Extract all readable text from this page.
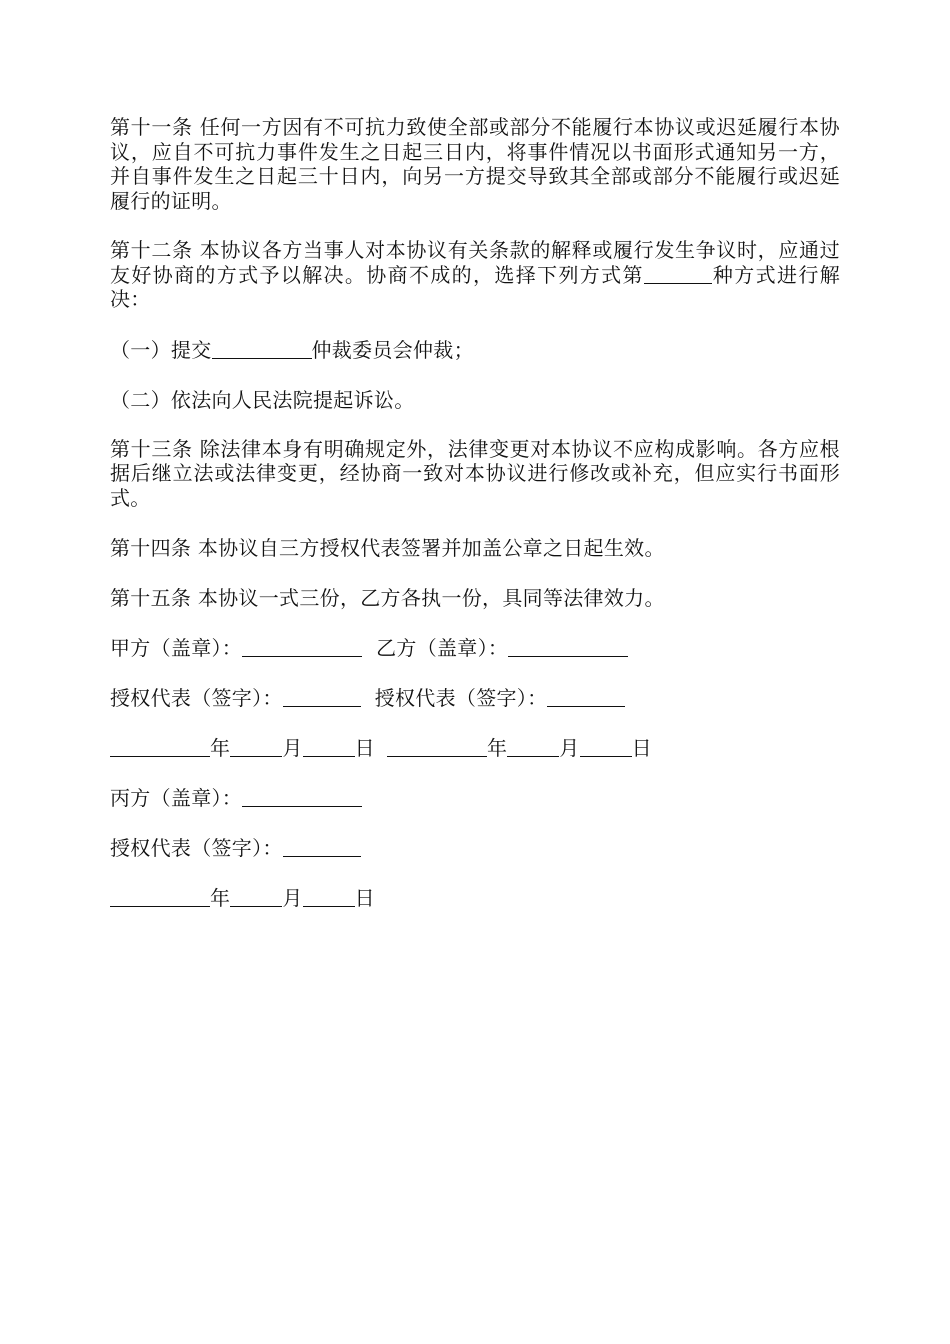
第十一条 任何一方因有不可抗力致使全部或部分不能履行本协议或迟延履行本协议，应自不可抗力事件发生之日起三日内，将事件情况以书面形式通知另一方，并自事件发生之日起三十日内，向另一方提交导致其全部或部分不能履行或迟延履行的证明。

第十二条 本协议各方当事人对本协议有关条款的解释或履行发生争议时，应通过友好协商的方式予以解决。协商不成的，选择下列方式第	种方式进行解决：

（一）提交	仲裁委员会仲裁；

（二）依法向人民法院提起诉讼。

第十三条 除法律本身有明确规定外，法律变更对本协议不应构成影响。各方应根据后继立法或法律变更，经协商一致对本协议进行修改或补充，但应实行书面形式。

第十四条 本协议自三方授权代表签署并加盖公章之日起生效。

第十五条 本协议一式三份，乙方各执一份，具同等法律效力。

甲方（盖章）：	乙方（盖章）：

授权代表（签字）：	授权代表（签字）：

年	月	日	年	月	日

丙方（盖章）：

授权代表（签字）：

年	月	日
